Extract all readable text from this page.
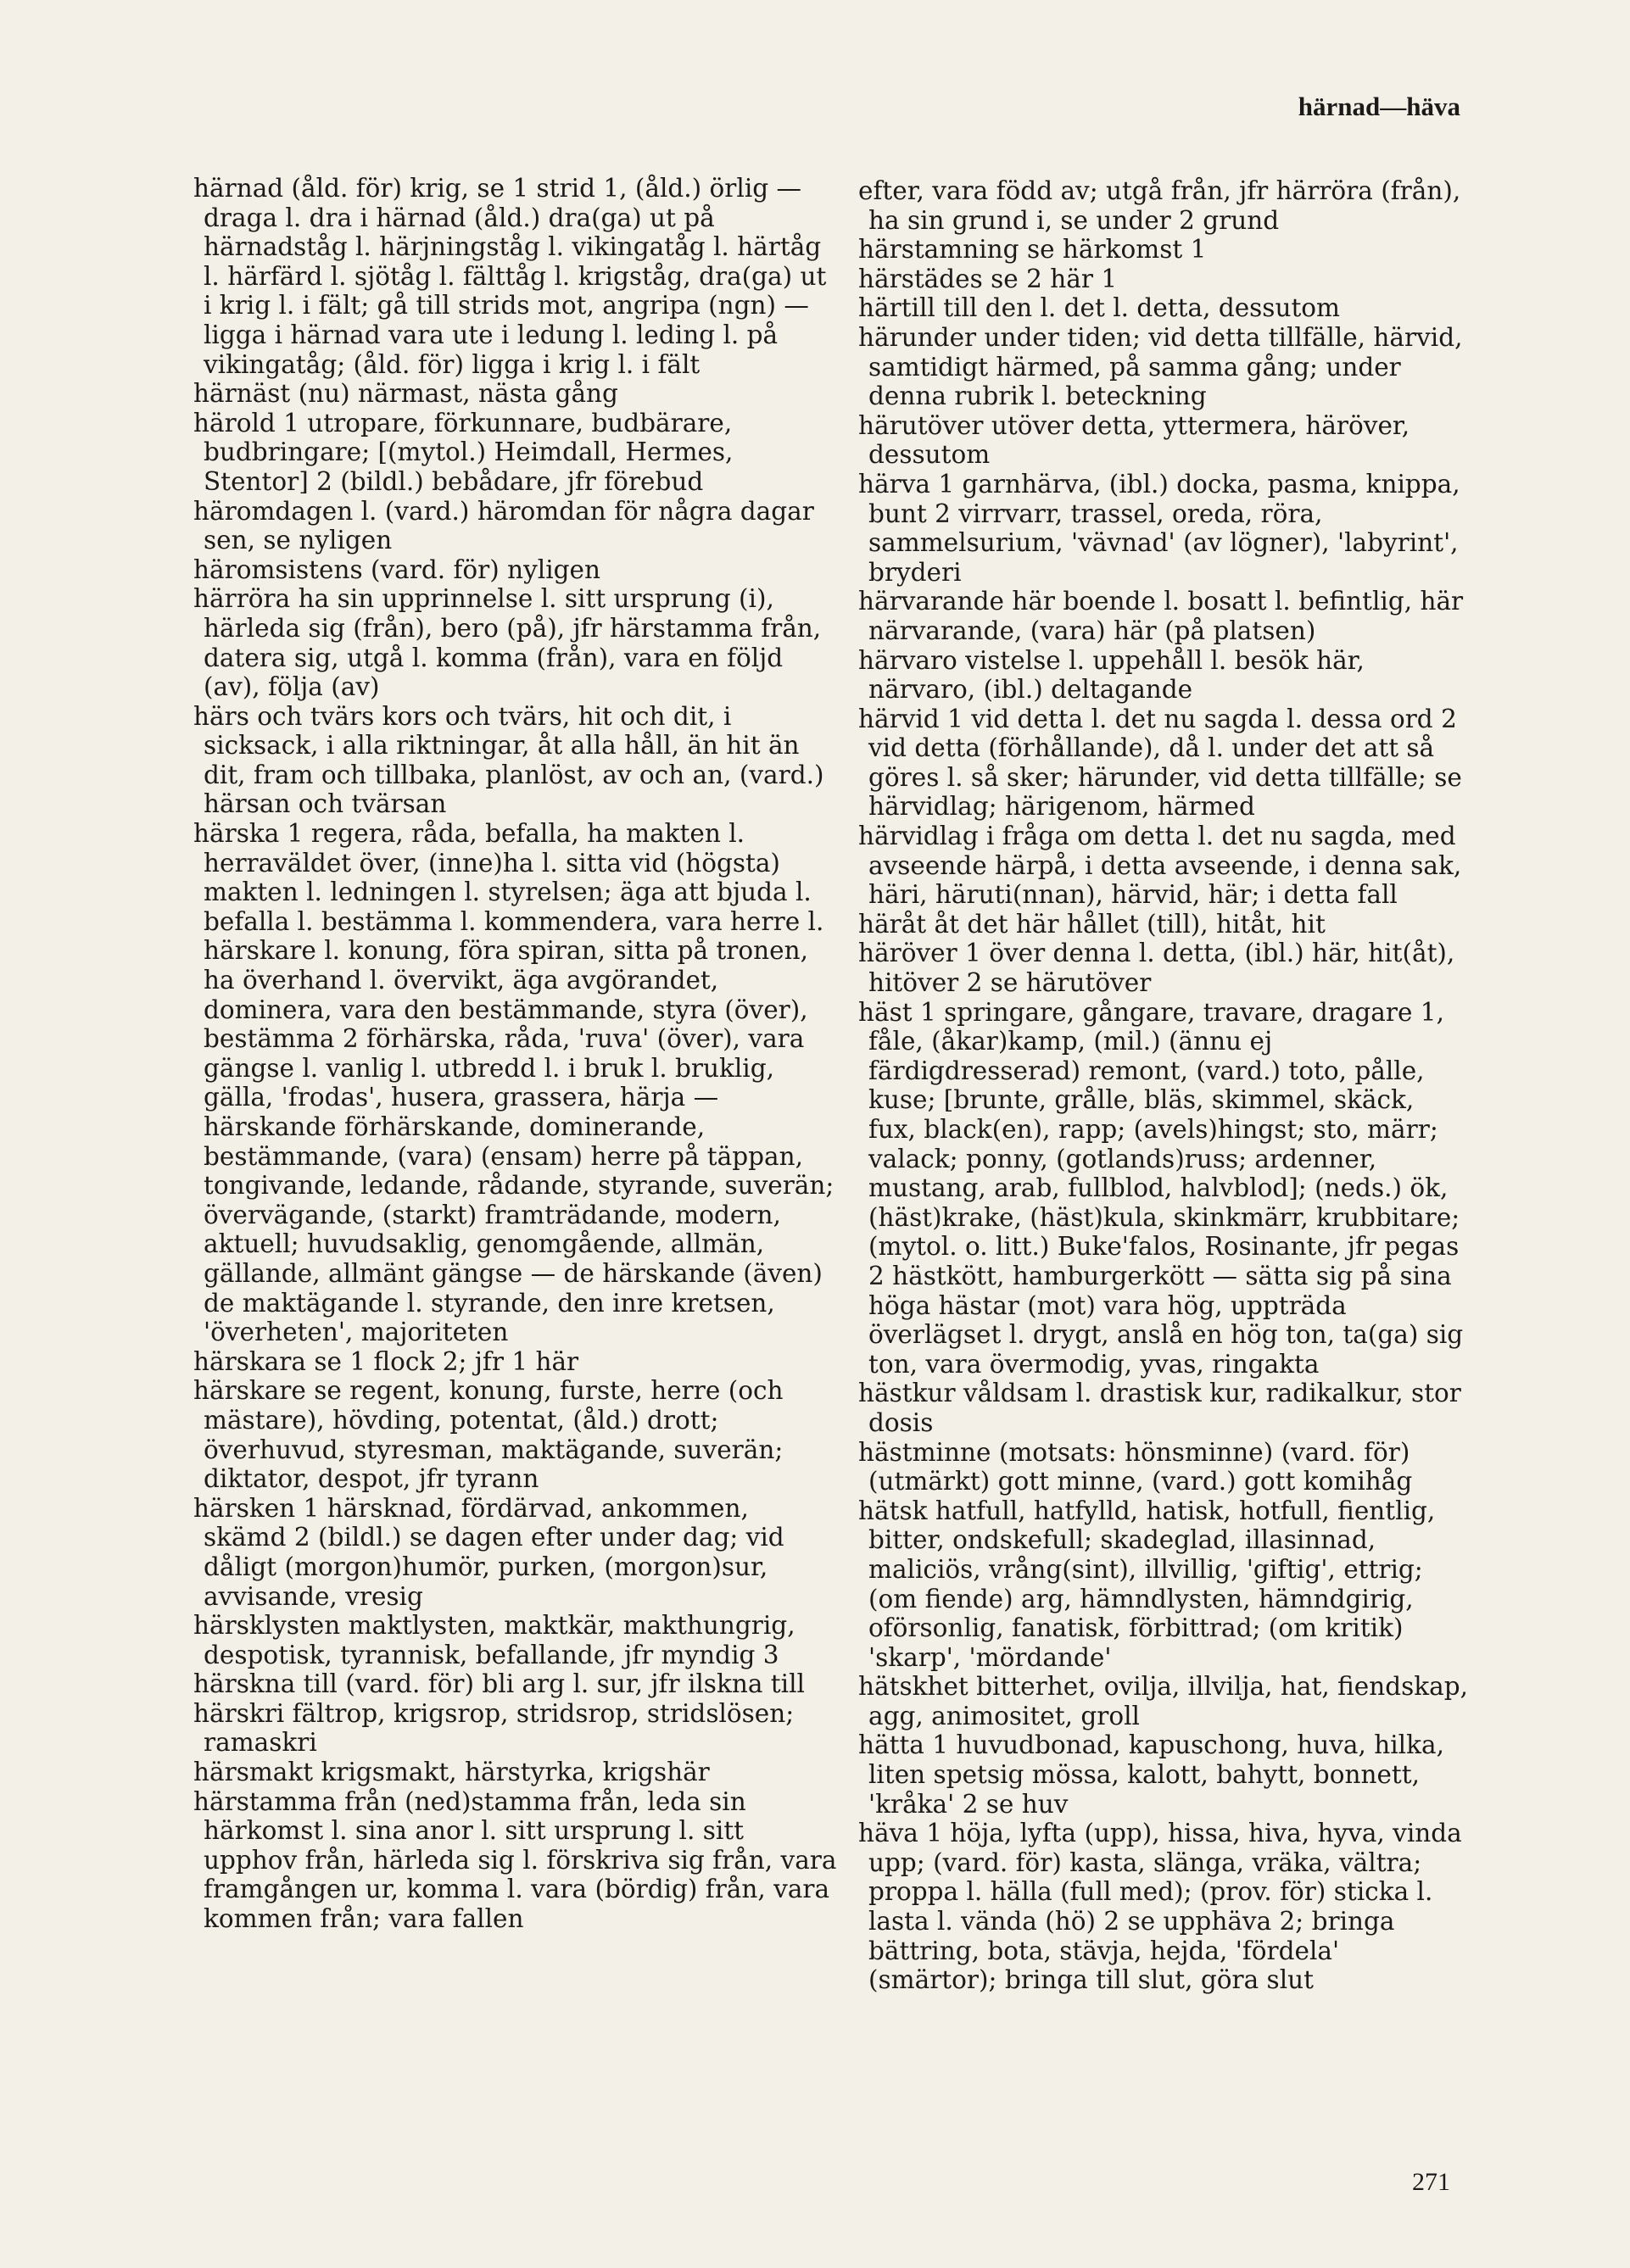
härnad—häva

härnad (åld. för) krig, se 1 strid 1, (åld.) örlig — draga l. dra i härnad (åld.) dra(ga) ut på härnadståg l. härjningståg l. vikingatåg l. härtåg l. härfärd l. sjötåg l. fälttåg l. krigståg, dra(ga) ut i krig l. i fält; gå till strids mot, angripa (ngn) — ligga i härnad vara ute i ledung l. leding l. på vikingatåg; (åld. för) ligga i krig l. i fält

härnäst (nu) närmast, nästa gång

härold 1 utropare, förkunnare, budbärare, budbringare; [(mytol.) Heimdall, Hermes, Stentor] 2 (bildl.) bebådare, jfr förebud

häromdagen l. (vard.) häromdan för några dagar sen, se nyligen

häromsistens (vard. för) nyligen

härröra ha sin upprinnelse l. sitt ursprung (i), härleda sig (från), bero (på), jfr härstamma från, datera sig, utgå l. komma (från), vara en följd (av), följa (av)

härs och tvärs kors och tvärs, hit och dit, i sicksack, i alla riktningar, åt alla håll, än hit än dit, fram och tillbaka, planlöst, av och an, (vard.) härsan och tvärsan

härska 1 regera, råda, befalla, ha makten l. herraväldet över, (inne)ha l. sitta vid (högsta) makten l. ledningen l. styrelsen; äga att bjuda l. befalla l. bestämma l. kommendera, vara herre l. härskare l. konung, föra spiran, sitta på tronen, ha överhand l. övervikt, äga avgörandet, dominera, vara den bestämmande, styra (över), bestämma 2 förhärska, råda, 'ruva' (över), vara gängse l. vanlig l. utbredd l. i bruk l. bruklig, gälla, 'frodas', husera, grassera, härja — härskande förhärskande, dominerande, bestämmande, (vara) (ensam) herre på täppan, tongivande, ledande, rådande, styrande, suverän; övervägande, (starkt) framträdande, modern, aktuell; huvudsaklig, genomgående, allmän, gällande, allmänt gängse — de härskande (även) de maktägande l. styrande, den inre kretsen, 'överheten', majoriteten

härskara se 1 flock 2; jfr 1 här

härskare se regent, konung, furste, herre (och mästare), hövding, potentat, (åld.) drott; överhuvud, styresman, maktägande, suverän; diktator, despot, jfr tyrann

härsken 1 härsknad, fördärvad, ankommen, skämd 2 (bildl.) se dagen efter under dag; vid dåligt (morgon)humör, purken, (morgon)sur, avvisande, vresig

härsklysten maktlysten, maktkär, makthungrig, despotisk, tyrannisk, befallande, jfr myndig 3

härskna till (vard. för) bli arg l. sur, jfr ilskna till

härskri fältrop, krigsrop, stridsrop, stridslösen; ramaskri

härsmakt krigsmakt, härstyrka, krigshär

härstamma från (ned)stamma från, leda sin härkomst l. sina anor l. sitt ursprung l. sitt upphov från, härleda sig l. förskriva sig från, vara framgången ur, komma l. vara (bördig) från, vara kommen från; vara fallen

efter, vara född av; utgå från, jfr härröra (från), ha sin grund i, se under 2 grund

härstamning se härkomst 1

härstädes se 2 här 1

härtill till den l. det l. detta, dessutom

härunder under tiden; vid detta tillfälle, härvid, samtidigt härmed, på samma gång; under denna rubrik l. beteckning

härutöver utöver detta, yttermera, häröver, dessutom

härva 1 garnhärva, (ibl.) docka, pasma, knippa, bunt 2 virrvarr, trassel, oreda, röra, sammelsurium, 'vävnad' (av lögner), 'labyrint', bryderi

härvarande här boende l. bosatt l. befintlig, här närvarande, (vara) här (på platsen)

härvaro vistelse l. uppehåll l. besök här, närvaro, (ibl.) deltagande

härvid 1 vid detta l. det nu sagda l. dessa ord 2 vid detta (förhållande), då l. under det att så göres l. så sker; härunder, vid detta tillfälle; se härvidlag; härigenom, härmed

härvidlag i fråga om detta l. det nu sagda, med avseende härpå, i detta avseende, i denna sak, häri, häruti(nnan), härvid, här; i detta fall

häråt åt det här hållet (till), hitåt, hit

häröver 1 över denna l. detta, (ibl.) här, hit(åt), hitöver 2 se härutöver

häst 1 springare, gångare, travare, dragare 1, fåle, (åkar)kamp, (mil.) (ännu ej färdigdresserad) remont, (vard.) toto, pålle, kuse; [brunte, grålle, bläs, skimmel, skäck, fux, black(en), rapp; (avels)hingst; sto, märr; valack; ponny, (gotlands)russ; ardenner, mustang, arab, fullblod, halvblod]; (neds.) ök, (häst)krake, (häst)kula, skinkmärr, krubbitare; (mytol. o. litt.) Buke'falos, Rosinante, jfr pegas 2 hästkött, hamburgerkött — sätta sig på sina höga hästar (mot) vara hög, uppträda överlägset l. drygt, anslå en hög ton, ta(ga) sig ton, vara övermodig, yvas, ringakta

hästkur våldsam l. drastisk kur, radikalkur, stor dosis

hästminne (motsats: hönsminne) (vard. för) (utmärkt) gott minne, (vard.) gott komihåg

hätsk hatfull, hatfylld, hatisk, hotfull, fientlig, bitter, ondskefull; skadeglad, illasinnad, maliciös, vrång(sint), illvillig, 'giftig', ettrig; (om fiende) arg, hämndlysten, hämndgirig, oförsonlig, fanatisk, förbittrad; (om kritik) 'skarp', 'mördande'

hätskhet bitterhet, ovilja, illvilja, hat, fiendskap, agg, animositet, groll

hätta 1 huvudbonad, kapuschong, huva, hilka, liten spetsig mössa, kalott, bahytt, bonnett, 'kråka' 2 se huv

häva 1 höja, lyfta (upp), hissa, hiva, hyva, vinda upp; (vard. för) kasta, slänga, vräka, vältra; proppa l. hälla (full med); (prov. för) sticka l. lasta l. vända (hö) 2 se upphäva 2; bringa bättring, bota, stävja, hejda, 'fördela' (smärtor); bringa till slut, göra slut

271
